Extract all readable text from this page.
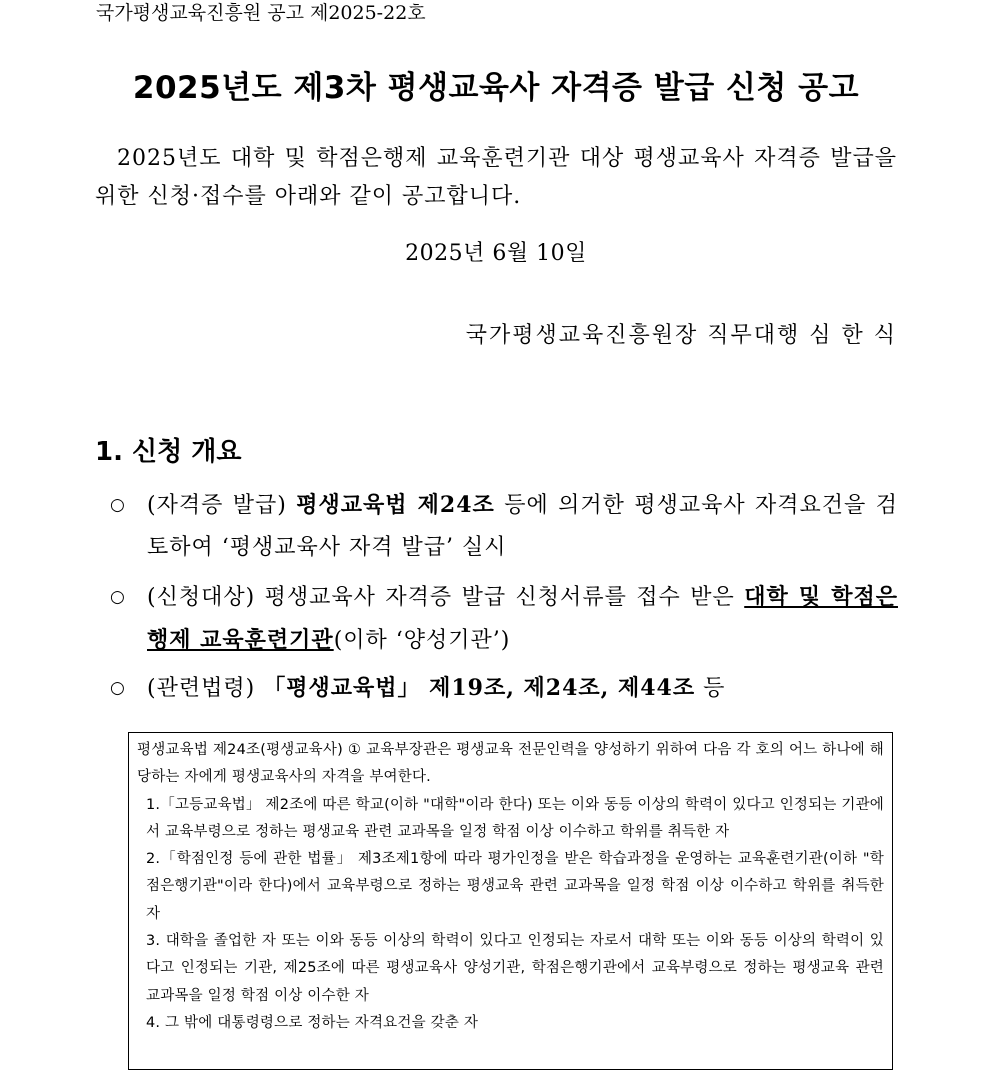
국가평생교육진흥원 공고 제2025-22호
2025년도 제3차 평생교육사 자격증 발급 신청 공고
2025년도 대학 및 학점은행제 교육훈련기관 대상 평생교육사 자격증 발급을 위한 신청·접수를 아래와 같이 공고합니다.
2025년 6월 10일
국가평생교육진흥원장 직무대행 심 한 식
1. 신청 개요
○	(자격증 발급) 평생교육법 제24조 등에 의거한 평생교육사 자격요건을 검토하여 ‘평생교육사 자격 발급’ 실시
○	(신청대상) 평생교육사 자격증 발급 신청서류를 접수 받은 대학 및 학점은행제 교육훈련기관(이하 ‘양성기관’)
○	(관련법령) 「평생교육법」 제19조, 제24조, 제44조 등

평생교육법 제24조(평생교육사) ① 교육부장관은 평생교육 전문인력을 양성하기 위하여 다음 각 호의 어느 하나에 해당하는 자에게 평생교육사의 자격을 부여한다.

1.「고등교육법」 제2조에 따른 학교(이하 "대학"이라 한다) 또는 이와 동등 이상의 학력이 있다고 인정되는 기관에서 교육부령으로 정하는 평생교육 관련 교과목을 일정 학점 이상 이수하고 학위를 취득한 자

2.「학점인정 등에 관한 법률」 제3조제1항에 따라 평가인정을 받은 학습과정을 운영하는 교육훈련기관(이하 "학점은행기관"이라 한다)에서 교육부령으로 정하는 평생교육 관련 교과목을 일정 학점 이상 이수하고 학위를 취득한 자

3. 대학을 졸업한 자 또는 이와 동등 이상의 학력이 있다고 인정되는 자로서 대학 또는 이와 동등 이상의 학력이 있다고 인정되는 기관, 제25조에 따른 평생교육사 양성기관, 학점은행기관에서 교육부령으로 정하는 평생교육 관련 교과목을 일정 학점 이상 이수한 자

4. 그 밖에 대통령령으로 정하는 자격요건을 갖춘 자
